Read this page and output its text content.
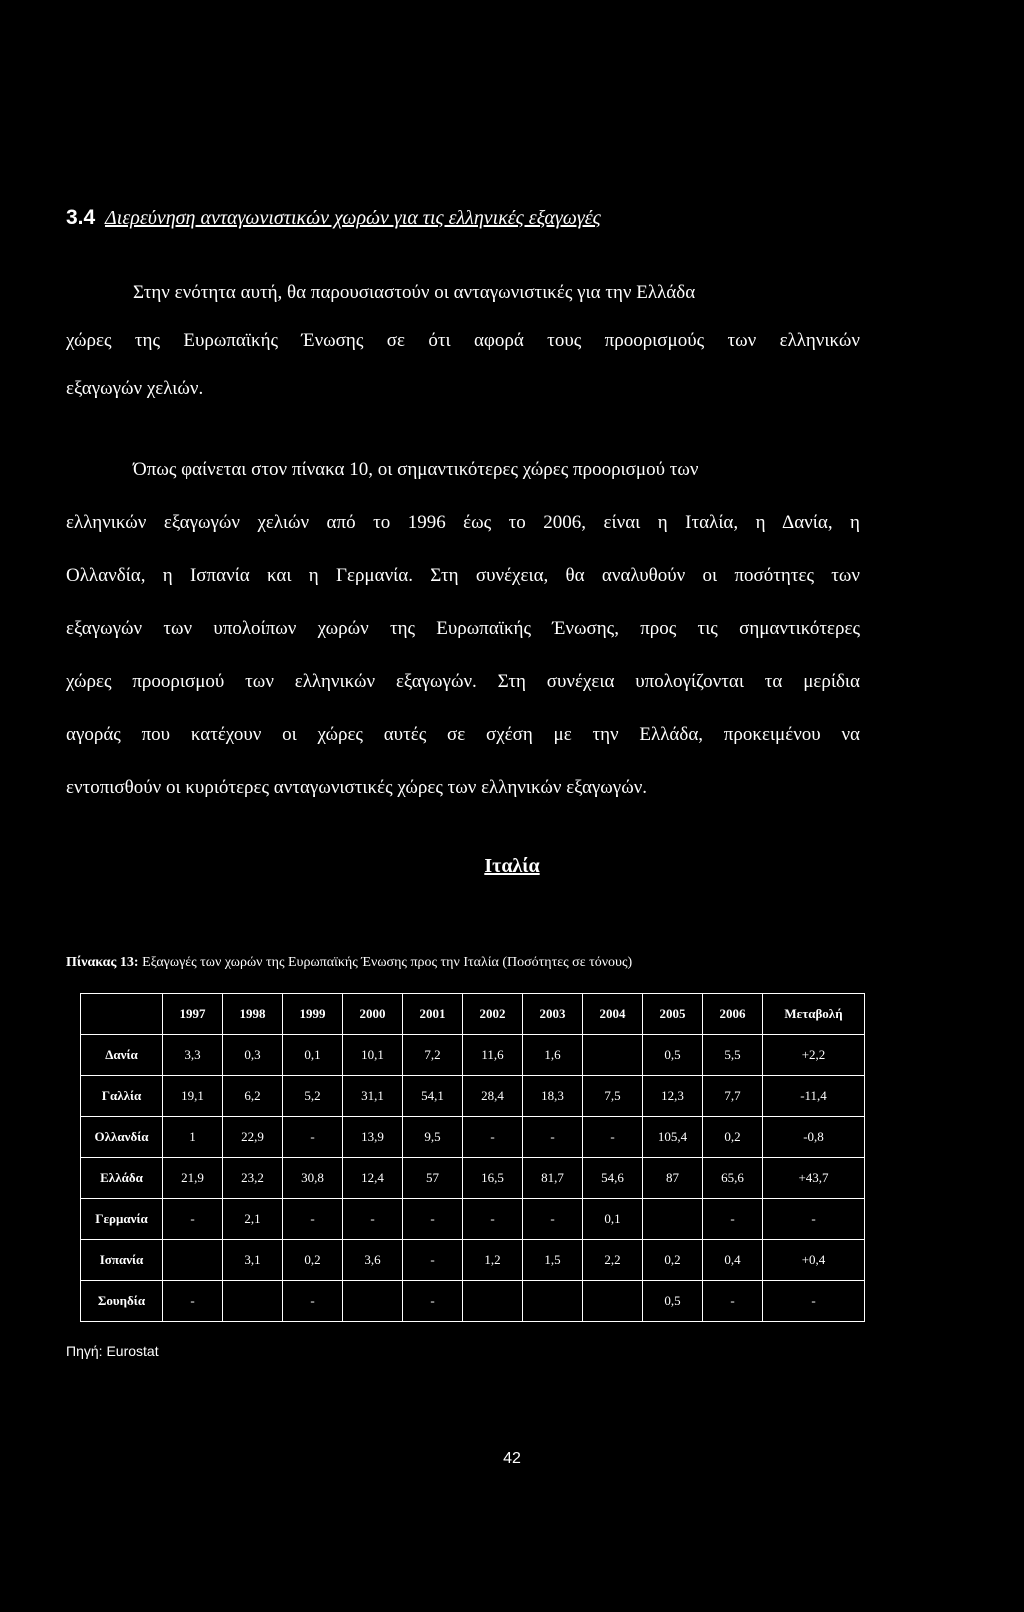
3.4 Διερεύνηση ανταγωνιστικών χωρών για τις ελληνικές εξαγωγές
Στην ενότητα αυτή, θα παρουσιαστούν οι ανταγωνιστικές για την Ελλάδα
χώρες της Ευρωπαϊκής Ένωσης σε ότι αφορά τους προορισμούς των ελληνικών
εξαγωγών χελιών.
Όπως φαίνεται στον πίνακα 10, οι σημαντικότερες χώρες προορισμού των
ελληνικών εξαγωγών χελιών από το 1996 έως το 2006, είναι η Ιταλία, η Δανία, η
Ολλανδία, η Ισπανία και η Γερμανία. Στη συνέχεια, θα αναλυθούν οι ποσότητες των
εξαγωγών των υπολοίπων χωρών της Ευρωπαϊκής Ένωσης, προς τις σημαντικότερες
χώρες προορισμού των ελληνικών εξαγωγών. Στη συνέχεια υπολογίζονται τα μερίδια
αγοράς που κατέχουν οι χώρες αυτές σε σχέση με την Ελλάδα, προκειμένου να
εντοπισθούν οι κυριότερες ανταγωνιστικές χώρες των ελληνικών εξαγωγών.
Ιταλία
Πίνακας 13: Εξαγωγές των χωρών της Ευρωπαϊκής Ένωσης προς την Ιταλία (Ποσότητες σε τόνους)
	1997	1998	1999	2000	2001	2002	2003	2004	2005	2006	Μεταβολή
Δανία	3,3	0,3	0,1	10,1	7,2	11,6	1,6		0,5	5,5	+2,2
Γαλλία	19,1	6,2	5,2	31,1	54,1	28,4	18,3	7,5	12,3	7,7	-11,4
Ολλανδία	1	22,9	-	13,9	9,5	-	-	-	105,4	0,2	-0,8
Ελλάδα	21,9	23,2	30,8	12,4	57	16,5	81,7	54,6	87	65,6	+43,7
Γερμανία	-	2,1	-	-	-	-	-	0,1		-	-
Ισπανία		3,1	0,2	3,6	-	1,2	1,5	2,2	0,2	0,4	+0,4
Σουηδία	-		-		-				0,5	-	-
Πηγή: Eurostat
42
